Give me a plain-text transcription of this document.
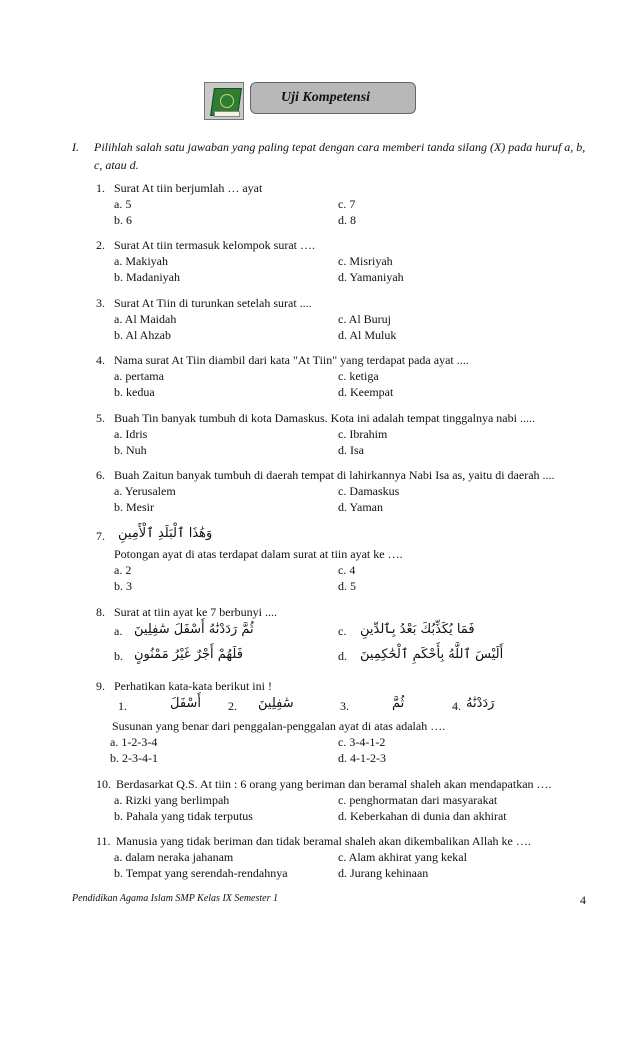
Uji Kompetensi
I. Pilihlah salah satu jawaban yang paling tepat dengan cara memberi tanda silang (X) pada huruf a, b, c, atau d.
1. Surat At tiin berjumlah … ayat
a. 5	c. 7
b. 6	d. 8
2. Surat At tiin termasuk kelompok surat ….
a. Makiyah	c. Misriyah
b. Madaniyah	d. Yamaniyah
3. Surat At Tiin di turunkan setelah surat ....
a. Al Maidah	c. Al Buruj
b. Al Ahzab	d. Al Muluk
4. Nama surat At Tiin diambil dari kata "At Tiin" yang terdapat pada ayat ....
a. pertama	c. ketiga
b. kedua	d. Keempat
5. Buah Tin banyak tumbuh di kota Damaskus. Kota ini adalah tempat tinggalnya nabi .....
a. Idris	c. Ibrahim
b. Nuh	d. Isa
6. Buah Zaitun banyak tumbuh di daerah tempat di lahirkannya Nabi Isa as, yaitu di daerah ....
a. Yerusalem	c. Damaskus
b. Mesir	d. Yaman
7. وَهَٰذَا ٱلْبَلَدِ ٱلْأَمِينِ
Potongan ayat di atas terdapat dalam surat at tiin ayat ke ….
a. 2	c. 4
b. 3	d. 5
8. Surat at tiin ayat ke 7 berbunyi ....
a. ثُمَّ رَدَدْنَٰهُ أَسْفَلَ سَٰفِلِينَ	c. فَمَا يُكَذِّبُكَ بَعْدُ بِٱلدِّينِ
b. فَلَهُمْ أَجْرٌ غَيْرُ مَمْنُونٍ	d. أَلَيْسَ ٱللَّهُ بِأَحْكَمِ ٱلْحَٰكِمِينَ
9. Perhatikan kata-kata berikut ini !
1.	أَسْفَلَ 2. سَٰفِلِينَ	3.	ثُمَّ	4. رَدَدْنَٰهُ
Susunan yang benar dari penggalan-penggalan ayat di atas adalah ….
a. 1-2-3-4	c. 3-4-1-2
b. 2-3-4-1	d. 4-1-2-3
10. Berdasarkat Q.S. At tiin : 6 orang yang beriman dan beramal shaleh akan mendapatkan ….
a. Rizki yang berlimpah	c. penghormatan dari masyarakat
b. Pahala yang tidak terputus	d. Keberkahan di dunia dan akhirat
11. Manusia yang tidak beriman dan tidak beramal shaleh akan dikembalikan Allah ke ….
a. dalam neraka jahanam	c. Alam akhirat yang kekal
b. Tempat yang serendah-rendahnya	d. Jurang kehinaan
Pendidikan Agama Islam SMP Kelas IX Semester 1	4
